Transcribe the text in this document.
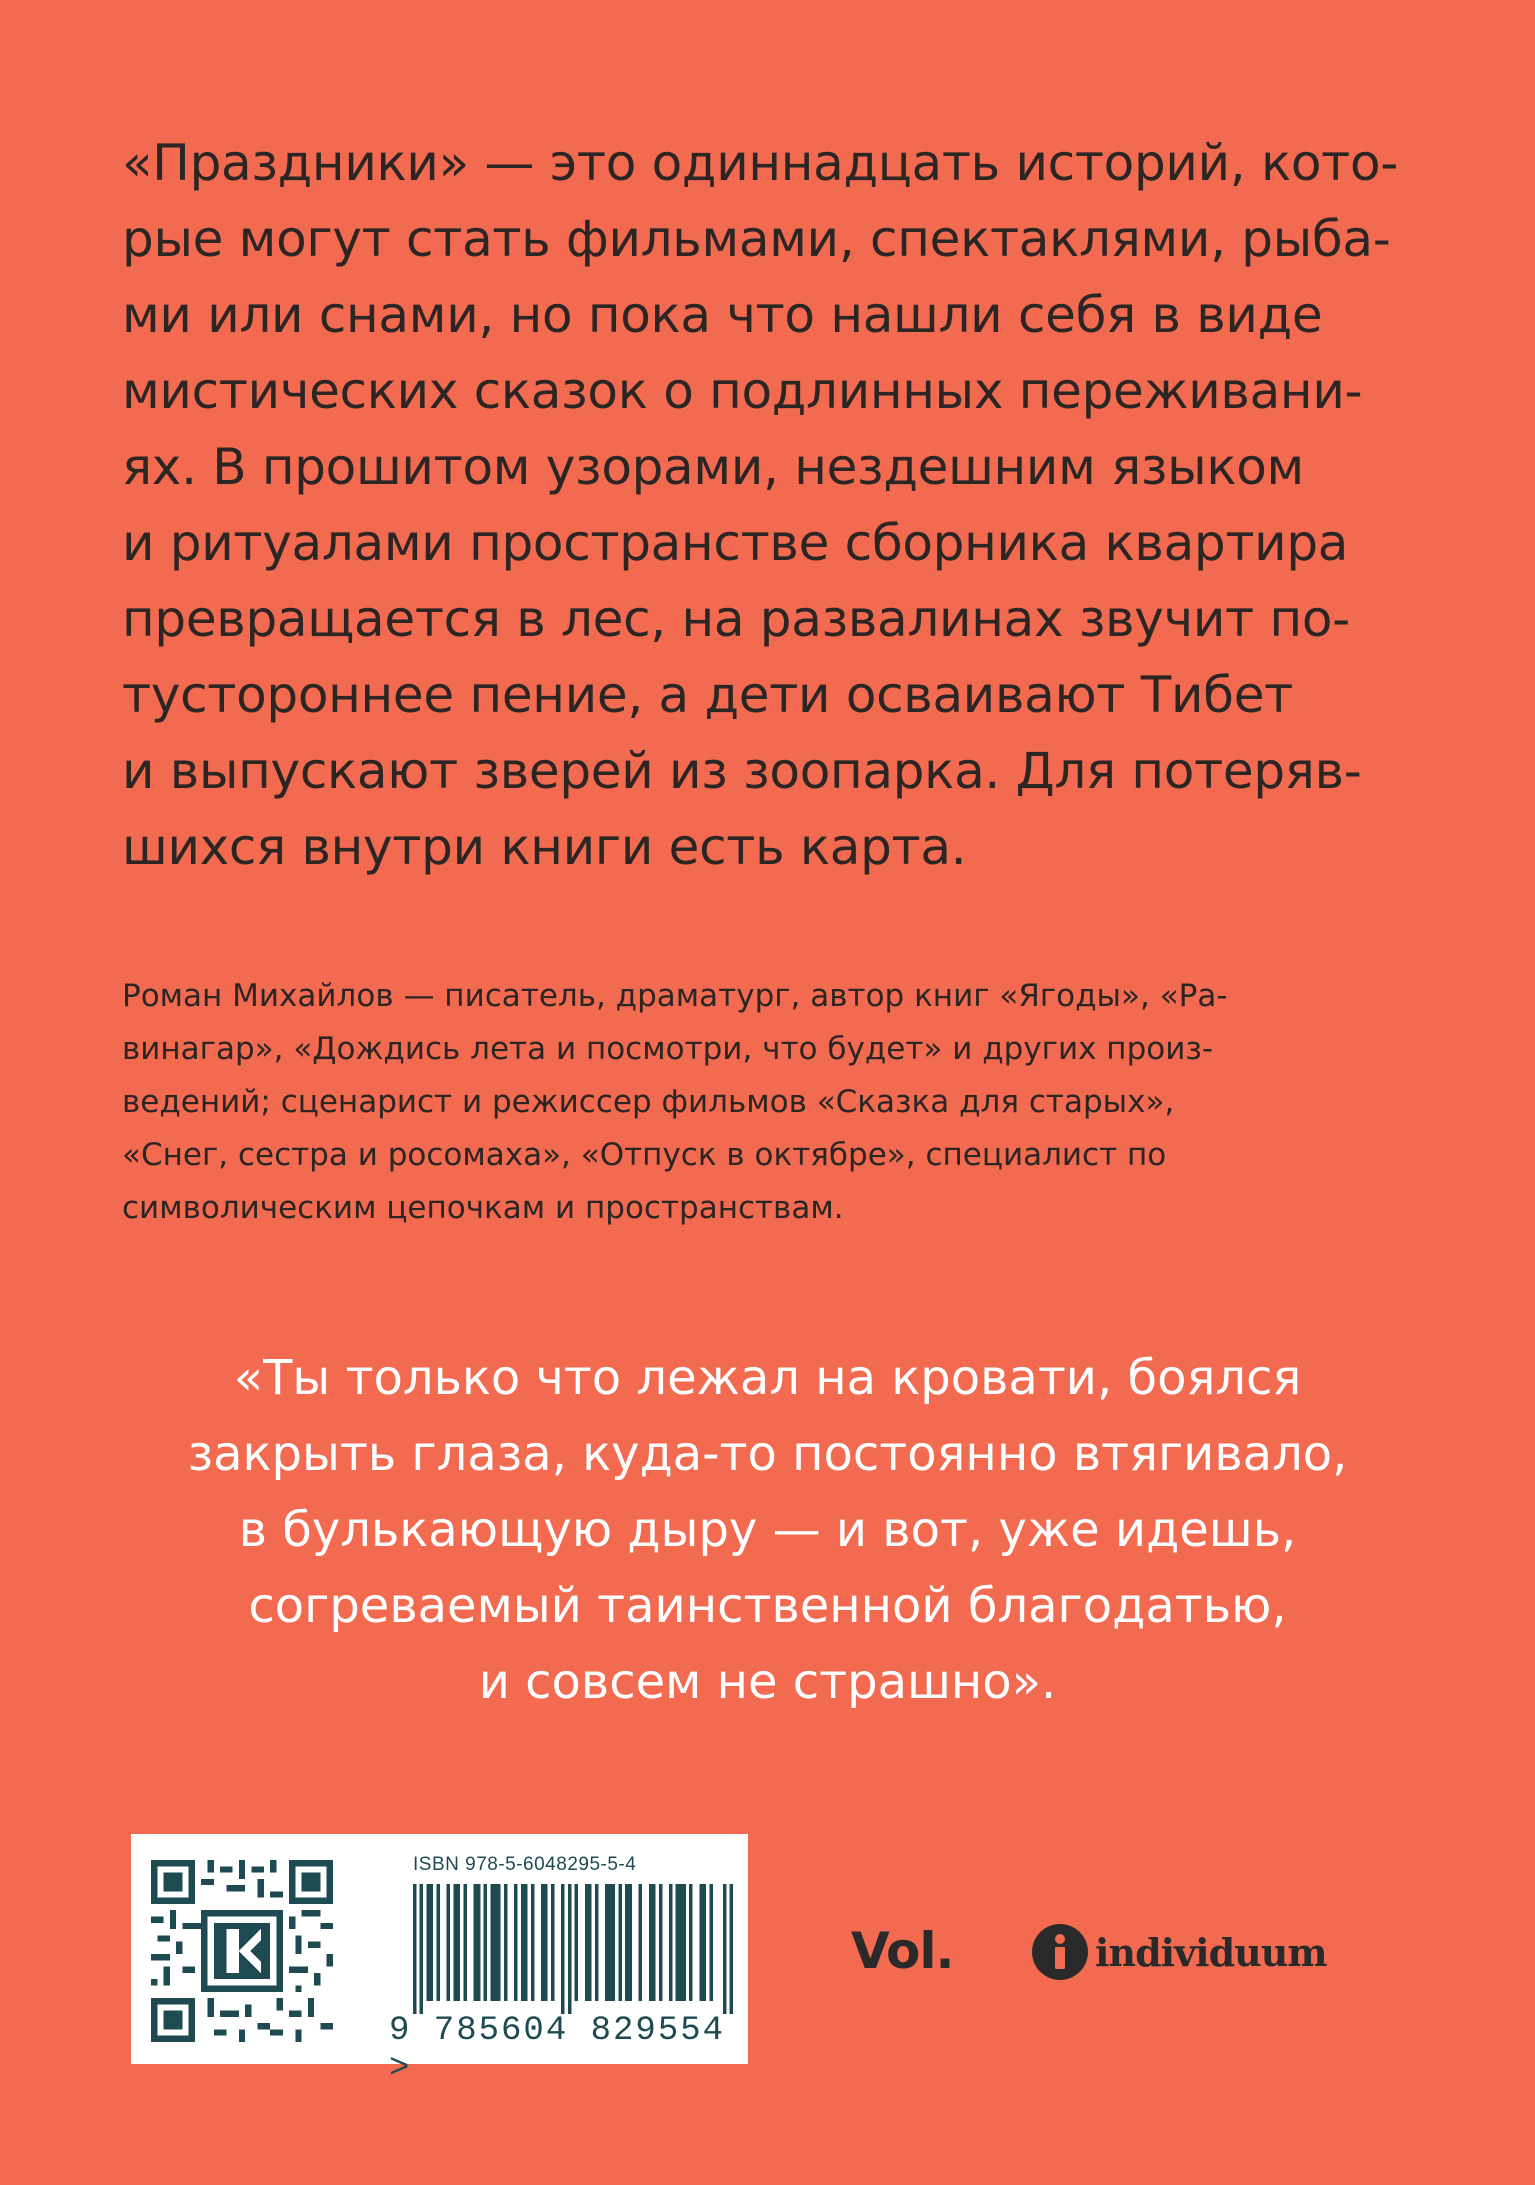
«Праздники» — это одиннадцать историй, кото-
рые могут стать фильмами, спектаклями, рыба-
ми или снами, но пока что нашли себя в виде
мистических сказок о подлинных переживани-
ях. В прошитом узорами, нездешним языком
и ритуалами пространстве сборника квартира
превращается в лес, на развалинах звучит по-
тустороннее пение, а дети осваивают Тибет
и выпускают зверей из зоопарка. Для потеряв-
шихся внутри книги есть карта.

Роман Михайлов — писатель, драматург, автор книг «Ягоды», «Ра-
винагар», «Дождись лета и посмотри, что будет» и других произ-
ведений; сценарист и режиссер фильмов «Сказка для старых»,
«Снег, сестра и росомаха», «Отпуск в октябре», специалист по
символическим цепочкам и пространствам.

«Ты только что лежал на кровати, боялся
закрыть глаза, куда-то постоянно втягивало,
в булькающую дыру — и вот, уже идешь,
согреваемый таинственной благодатью,
и совсем не страшно».

ISBN 978-5-6048295-5-4
9 785604 829554 >
Vol.	individuum
